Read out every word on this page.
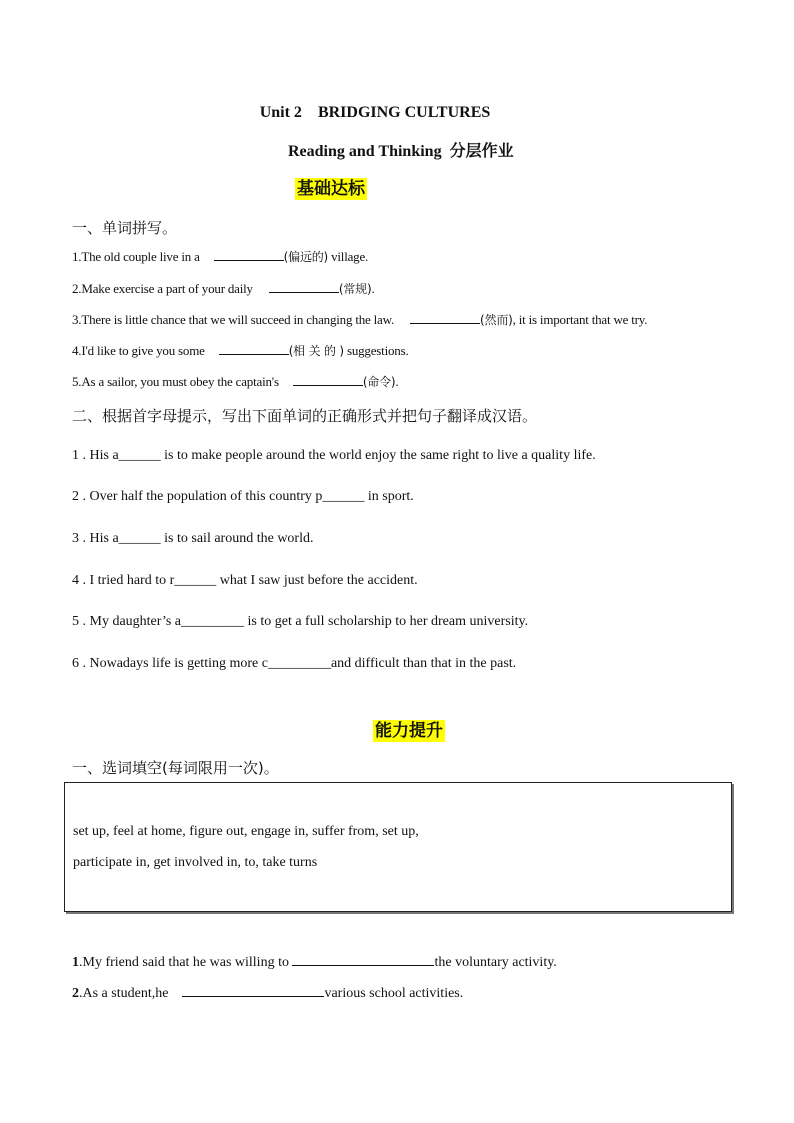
Unit 2 BRIDGING CULTURES
Reading and Thinking 分层作业
基础达标
一、单词拼写。
1.The old couple live in a	(偏远的) village.
2.Make exercise a part of your daily	(常规).
3.There is little chance that we will succeed in changing the law.	(然而), it is important that we try.
4.I'd like to give you some	(相 关 的 ) suggestions.
5.As a sailor, you must obey the captain's	(命令).
二、根据首字母提示，写出下面单词的正确形式并把句子翻译成汉语。
1 . His a______ is to make people around the world enjoy the same right to live a quality life.
2 . Over half the population of this country p______ in sport.
3 . His a______ is to sail around the world.
4 . I tried hard to r______ what I saw just before the accident.
5 . My daughter’s a_________ is to get a full scholarship to her dream university.
6 . Nowadays life is getting more c_________and difficult than that in the past.
能力提升
一、选词填空(每词限用一次)。
set up, feel at home, figure out, engage in, suffer from, set up,
participate in, get involved in, to, take turns
1.My friend said that he was willing to	the voluntary activity.
2.As a student,he	various school activities.
